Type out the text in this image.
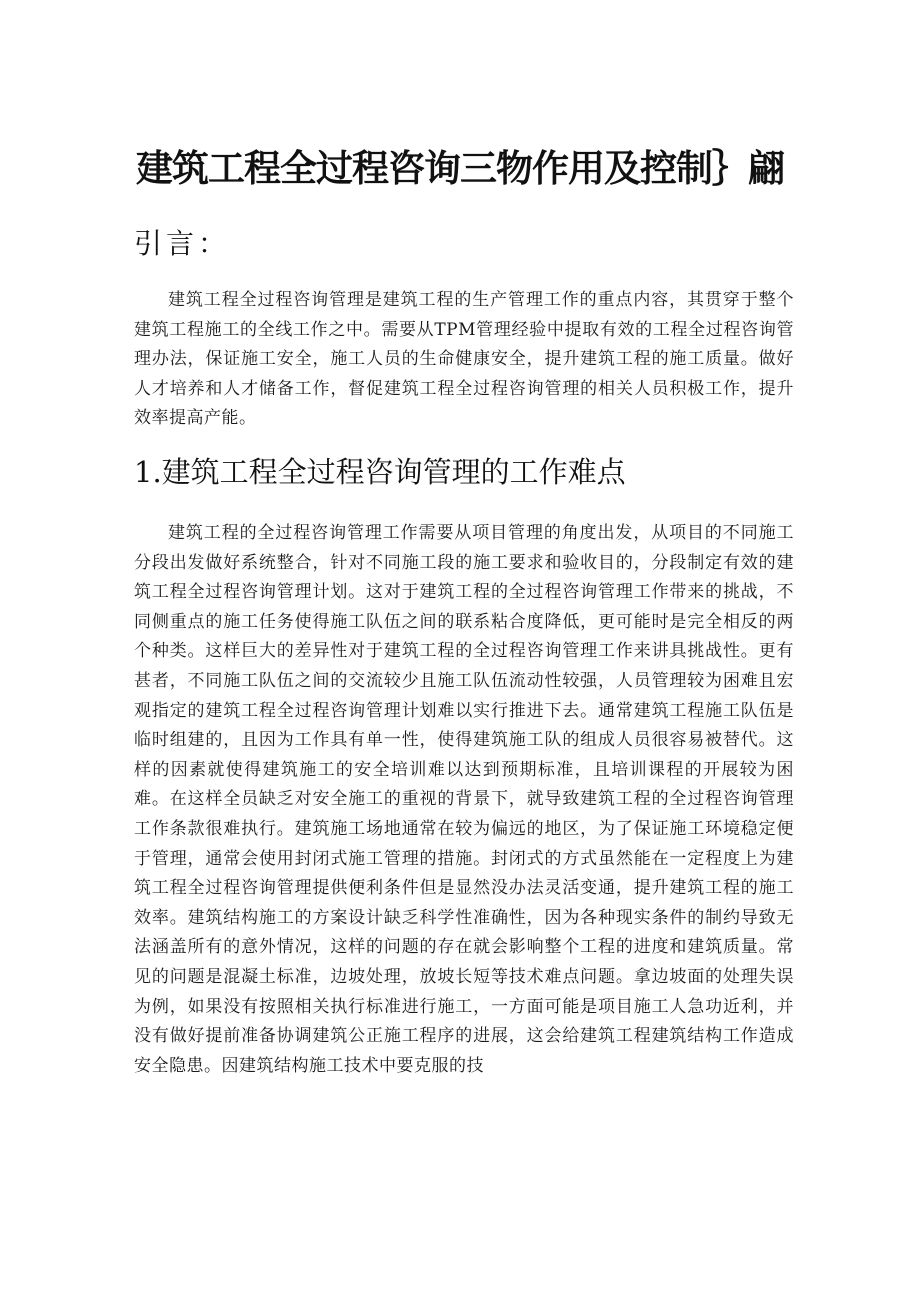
建筑工程全过程咨询三物作用及控制｝翩
引言：

建筑工程全过程咨询管理是建筑工程的生产管理工作的重点内容，其贯穿于整个建筑工程施工的全线工作之中。需要从TPM管理经验中提取有效的工程全过程咨询管理办法，保证施工安全，施工人员的生命健康安全，提升建筑工程的施工质量。做好人才培养和人才储备工作，督促建筑工程全过程咨询管理的相关人员积极工作，提升效率提高产能。

1.建筑工程全过程咨询管理的工作难点

建筑工程的全过程咨询管理工作需要从项目管理的角度出发，从项目的不同施工分段出发做好系统整合，针对不同施工段的施工要求和验收目的，分段制定有效的建筑工程全过程咨询管理计划。这对于建筑工程的全过程咨询管理工作带来的挑战，不同侧重点的施工任务使得施工队伍之间的联系粘合度降低，更可能时是完全相反的两个种类。这样巨大的差异性对于建筑工程的全过程咨询管理工作来讲具挑战性。更有甚者，不同施工队伍之间的交流较少且施工队伍流动性较强，人员管理较为困难且宏观指定的建筑工程全过程咨询管理计划难以实行推进下去。通常建筑工程施工队伍是临时组建的，且因为工作具有单一性，使得建筑施工队的组成人员很容易被替代。这样的因素就使得建筑施工的安全培训难以达到预期标准，且培训课程的开展较为困难。在这样全员缺乏对安全施工的重视的背景下，就导致建筑工程的全过程咨询管理工作条款很难执行。建筑施工场地通常在较为偏远的地区，为了保证施工环境稳定便于管理，通常会使用封闭式施工管理的措施。封闭式的方式虽然能在一定程度上为建筑工程全过程咨询管理提供便利条件但是显然没办法灵活变通，提升建筑工程的施工效率。建筑结构施工的方案设计缺乏科学性准确性，因为各种现实条件的制约导致无法涵盖所有的意外情况，这样的问题的存在就会影响整个工程的进度和建筑质量。常见的问题是混凝土标准，边坡处理，放坡长短等技术难点问题。拿边坡面的处理失误为例，如果没有按照相关执行标准进行施工，一方面可能是项目施工人急功近利，并没有做好提前准备协调建筑公正施工程序的进展，这会给建筑工程建筑结构工作造成安全隐患。因建筑结构施工技术中要克服的技
